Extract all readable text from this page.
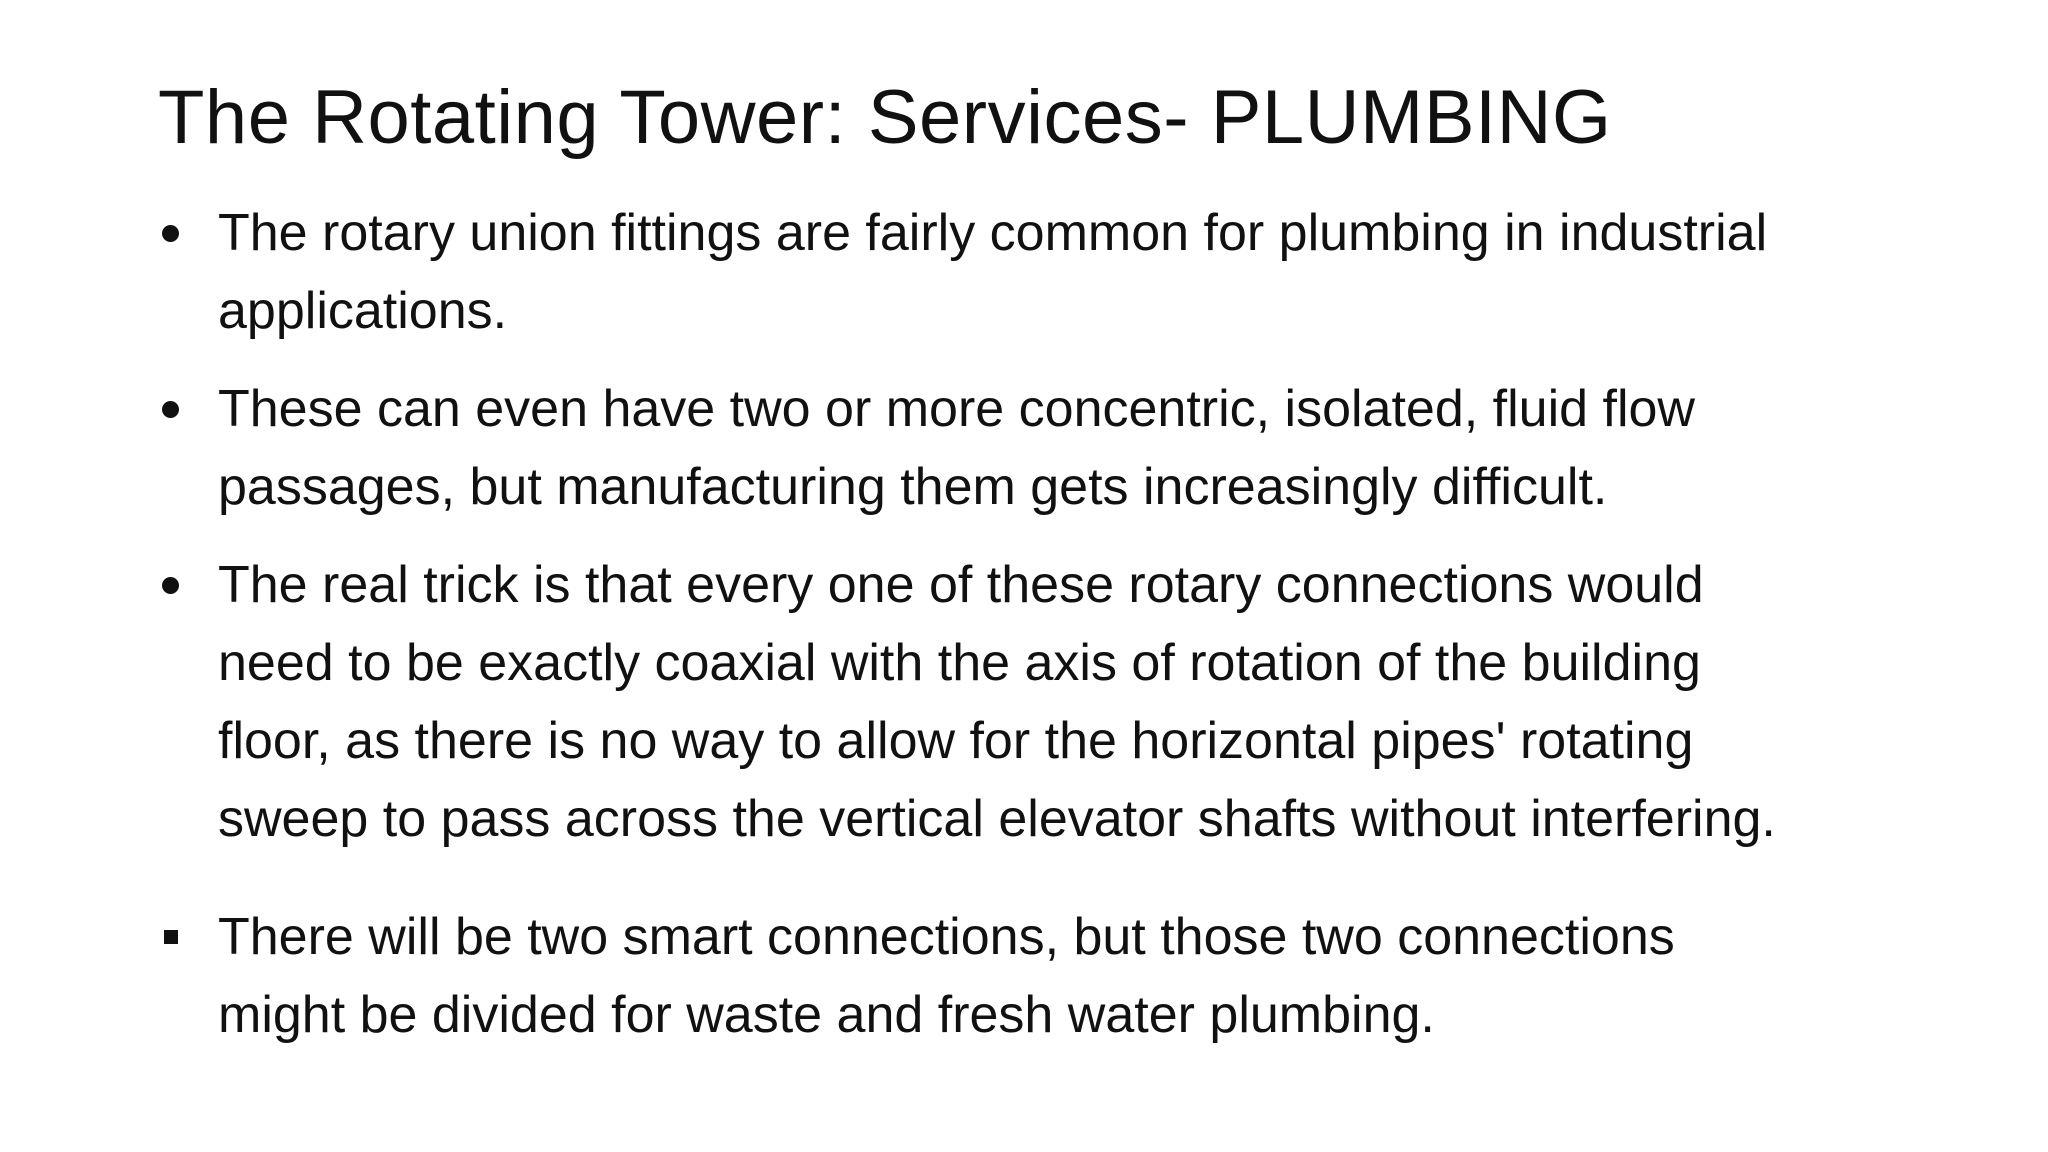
The Rotating Tower: Services- PLUMBING
The rotary union fittings are fairly common for plumbing in industrial
applications.
These can even have two or more concentric, isolated, fluid flow
passages, but manufacturing them gets increasingly difficult.
The real trick is that every one of these rotary connections would
need to be exactly coaxial with the axis of rotation of the building
floor, as there is no way to allow for the horizontal pipes' rotating
sweep to pass across the vertical elevator shafts without interfering.
There will be two smart connections, but those two connections
might be divided for waste and fresh water plumbing.
